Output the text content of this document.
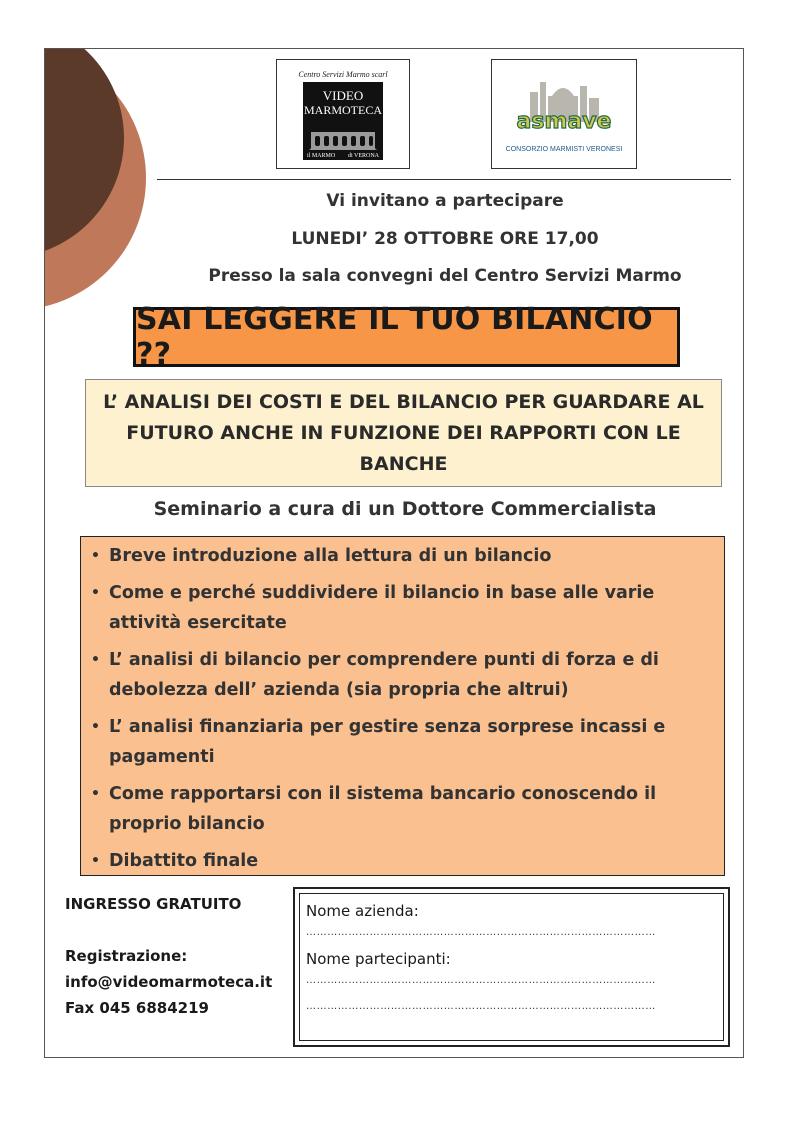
Centro Servizi Marmo scarl
VIDEO
MARMOTECA
il MARMO di VERONA
asmave
CONSORZIO MARMISTI VERONESI
Vi invitano a partecipare
LUNEDI’ 28 OTTOBRE ORE 17,00
Presso la sala convegni del Centro Servizi Marmo
SAI LEGGERE IL TUO BILANCIO ??
L’ ANALISI DEI COSTI E DEL BILANCIO PER GUARDARE AL FUTURO ANCHE IN FUNZIONE DEI RAPPORTI CON LE BANCHE
Seminario a cura di un Dottore Commercialista
• Breve introduzione alla lettura di un bilancio
• Come e perché suddividere il bilancio in base alle varie attività esercitate
• L’ analisi di bilancio per comprendere punti di forza e di debolezza dell’ azienda (sia propria che altrui)
• L’ analisi finanziaria per gestire senza sorprese incassi e pagamenti
• Come rapportarsi con il sistema bancario conoscendo il proprio bilancio
• Dibattito finale
INGRESSO GRATUITO
Registrazione:
info@videomarmoteca.it
Fax 045 6884219
Nome azienda:
………………………………………………………………………………………
Nome partecipanti:
………………………………………………………………………………………
………………………………………………………………………………………
